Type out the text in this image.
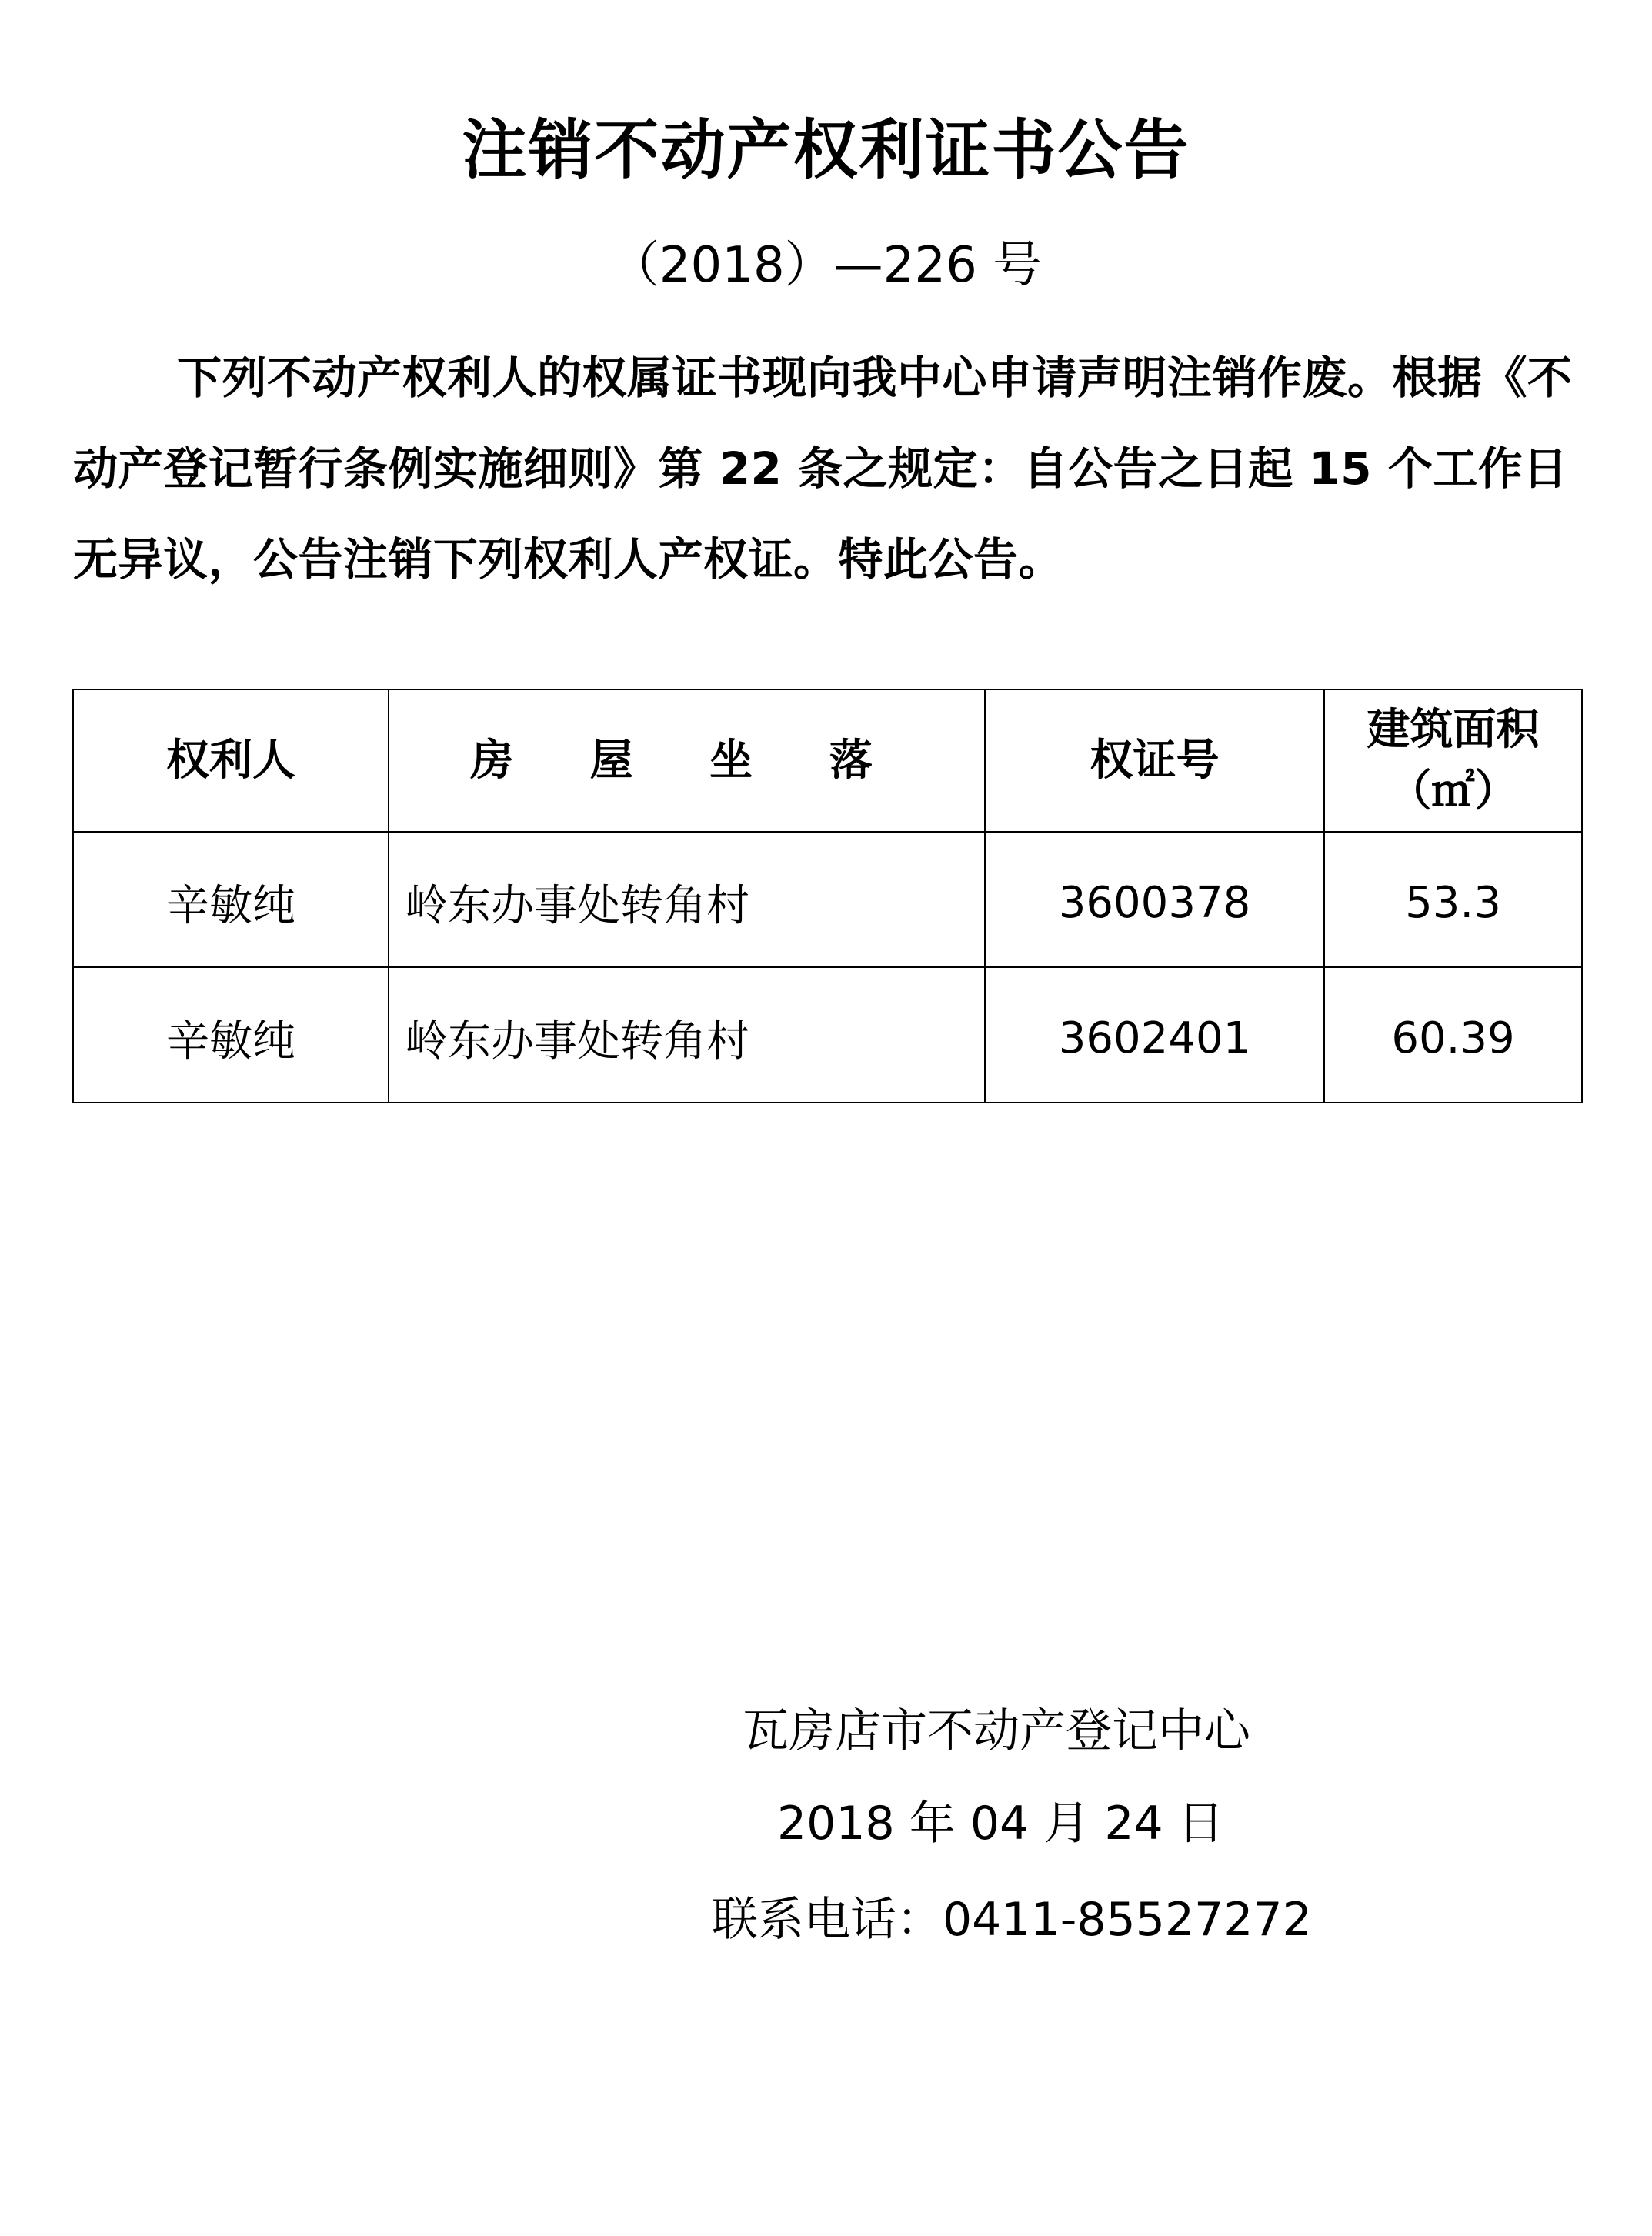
注销不动产权利证书公告
（2018）—226 号
下列不动产权利人的权属证书现向我中心申请声明注销作废。根据《不动产登记暂行条例实施细则》第 22 条之规定：自公告之日起 15 个工作日无异议，公告注销下列权利人产权证。特此公告。
权利人	房 屋 坐 落	权证号	建筑面积
（㎡）

辛敏纯	岭东办事处转角村	3600378	53.3
辛敏纯	岭东办事处转角村	3602401	60.39
瓦房店市不动产登记中心
2018 年 04 月 24 日
联系电话：0411-85527272
